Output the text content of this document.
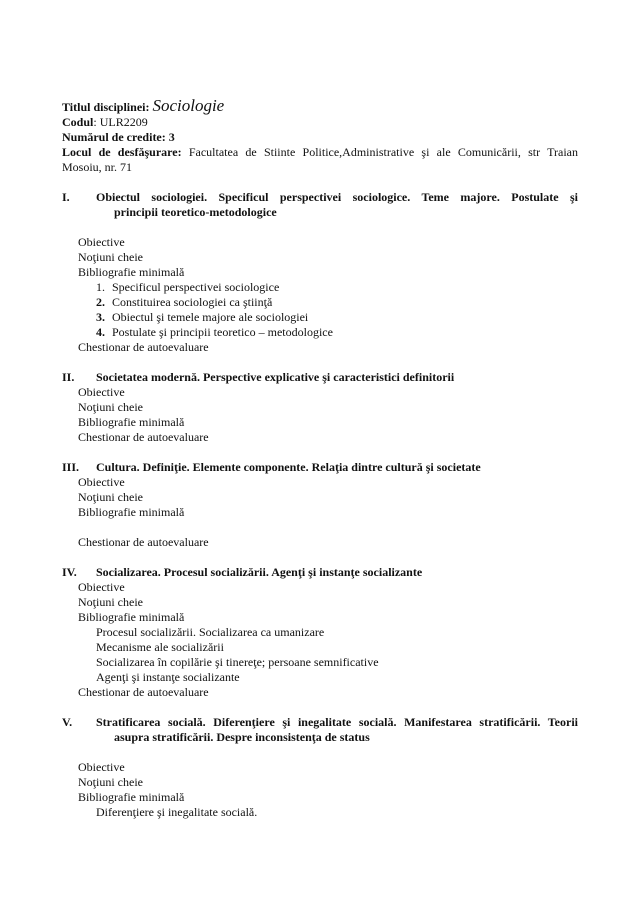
Titlul disciplinei: Sociologie
Codul: ULR2209
Numărul de credite: 3
Locul de desfăşurare: Facultatea de Stiinte Politice,Administrative şi ale Comunicării, str Traian
Mosoiu, nr. 71
I. Obiectul sociologiei. Specificul perspectivei sociologice. Teme majore. Postulate şi
principii teoretico-metodologice
Obiective
Noţiuni cheie
Bibliografie minimală
1. Specificul perspectivei sociologice
2. Constituirea sociologiei ca ştiinţă
3. Obiectul şi temele majore ale sociologiei
4. Postulate şi principii teoretico – metodologice
Chestionar de autoevaluare
II. Societatea modernă. Perspective explicative şi caracteristici definitorii
Obiective
Noţiuni cheie
Bibliografie minimală
Chestionar de autoevaluare
III. Cultura. Definiţie. Elemente componente. Relaţia dintre cultură şi societate
Obiective
Noţiuni cheie
Bibliografie minimală
Chestionar de autoevaluare
IV. Socializarea. Procesul socializării. Agenţi şi instanţe socializante
Obiective
Noţiuni cheie
Bibliografie minimală
Procesul socializării. Socializarea ca umanizare
Mecanisme ale socializării
Socializarea în copilărie şi tinereţe; persoane semnificative
Agenţi şi instanţe socializante
Chestionar de autoevaluare
V. Stratificarea socială. Diferenţiere şi inegalitate socială. Manifestarea stratificării. Teorii
asupra stratificării. Despre inconsistenţa de status
Obiective
Noţiuni cheie
Bibliografie minimală
Diferenţiere şi inegalitate socială.
